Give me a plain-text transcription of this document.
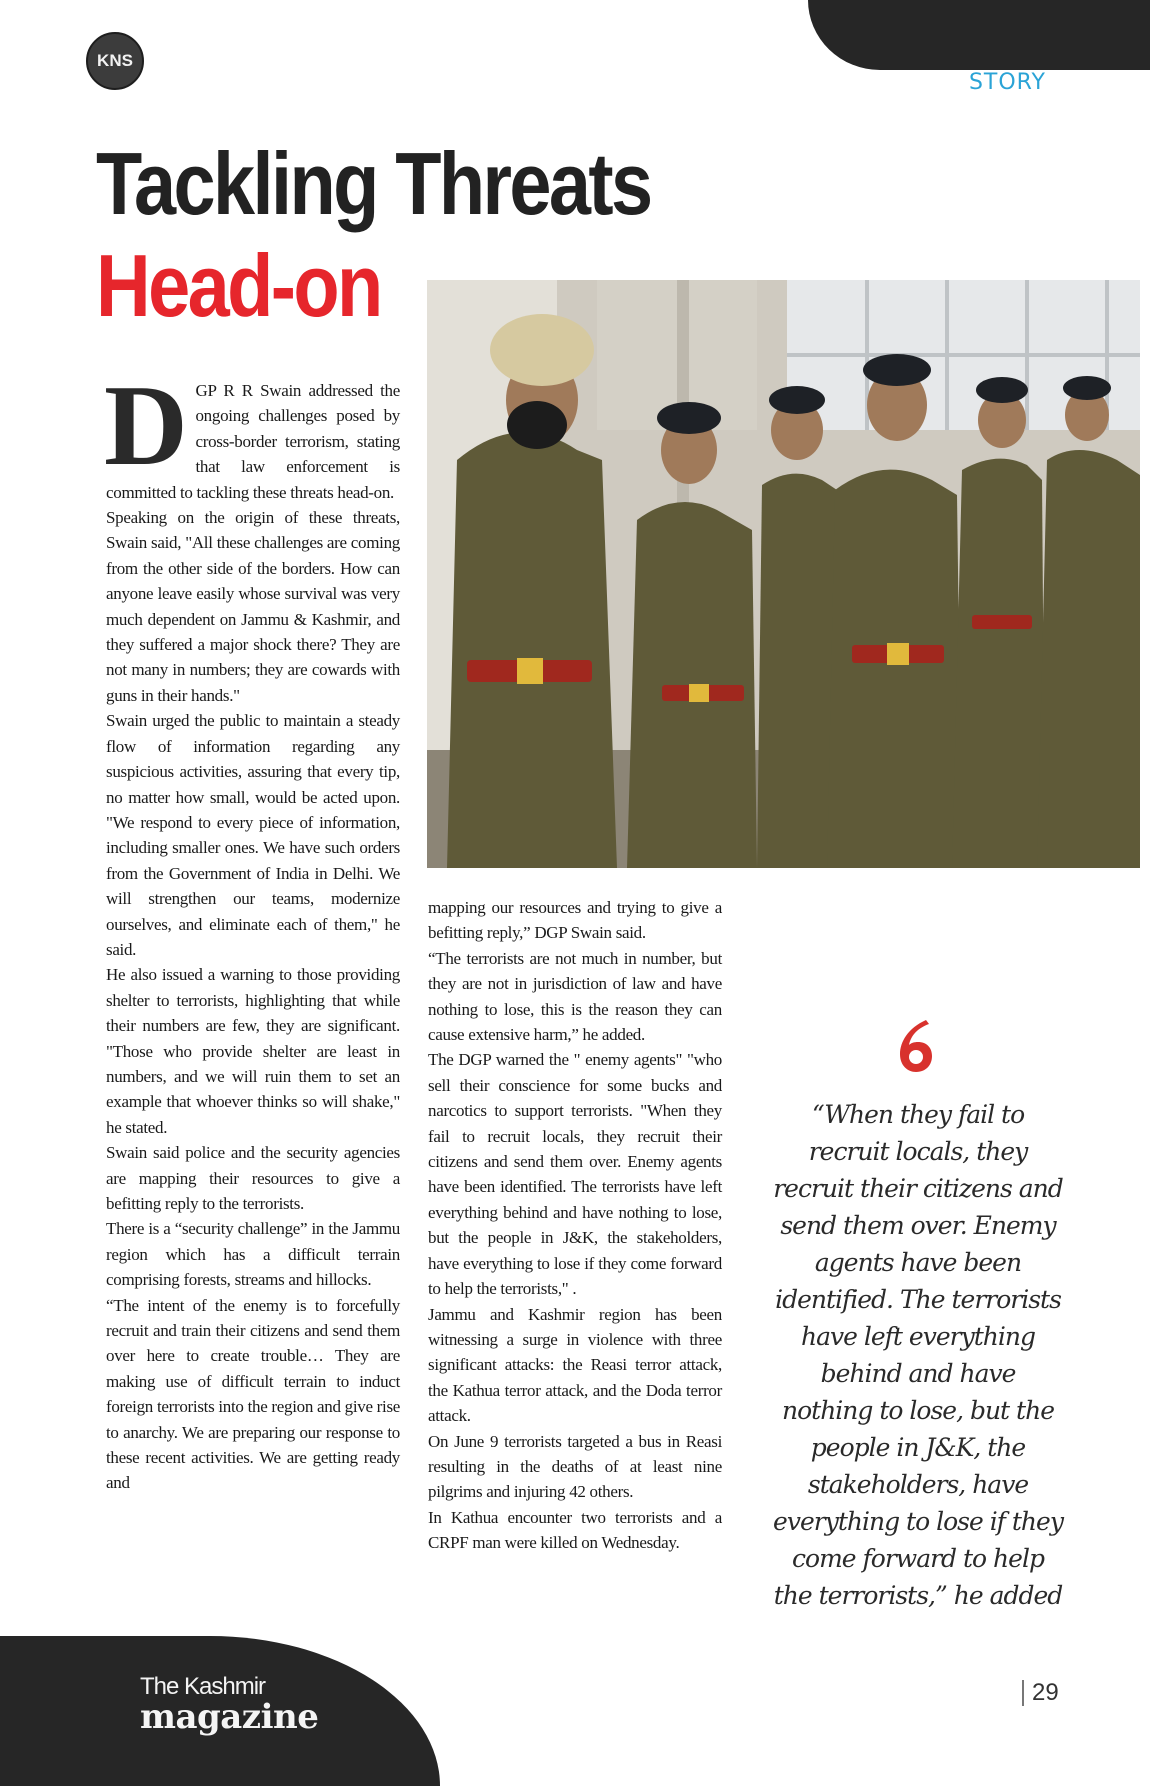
STORY
KNS
Tackling Threats
Head-on

DGP R R Swain addressed the ongoing challenges posed by cross-border terrorism, stating that law enforcement is committed to tackling these threats head-on.

Speaking on the origin of these threats, Swain said, "All these challenges are coming from the other side of the borders. How can anyone leave easily whose survival was very much dependent on Jammu & Kashmir, and they suffered a major shock there? They are not many in numbers; they are cowards with guns in their hands."

Swain urged the public to maintain a steady flow of information regarding any suspicious activities, assuring that every tip, no matter how small, would be acted upon. "We respond to every piece of information, including smaller ones. We have such orders from the Government of India in Delhi. We will strengthen our teams, modernize ourselves, and eliminate each of them," he said.

He also issued a warning to those providing shelter to terrorists, highlighting that while their numbers are few, they are significant. "Those who provide shelter are least in numbers, and we will ruin them to set an example that whoever thinks so will shake," he stated.

Swain said police and the security agencies are mapping their resources to give a befitting reply to the terrorists.

There is a “security challenge” in the Jammu region which has a difficult terrain comprising forests, streams and hillocks.

“The intent of the enemy is to forcefully recruit and train their citizens and send them over here to create trouble… They are making use of difficult terrain to induct foreign terrorists into the region and give rise to anarchy. We are preparing our response to these recent activities. We are getting ready and

mapping our resources and trying to give a befitting reply,” DGP Swain said.

“The terrorists are not much in number, but they are not in jurisdiction of law and have nothing to lose, this is the reason they can cause extensive harm,” he added.

The DGP warned the " enemy agents" "who sell their conscience for some bucks and narcotics to support terrorists. "When they fail to recruit locals, they recruit their citizens and send them over. Enemy agents have been identified. The terrorists have left everything behind and have nothing to lose, but the people in J&K, the stakeholders, have everything to lose if they come forward to help the terrorists," .

Jammu and Kashmir region has been witnessing a surge in violence with three significant attacks: the Reasi terror attack, the Kathua terror attack, and the Doda terror attack.

On June 9 terrorists targeted a bus in Reasi resulting in the deaths of at least nine pilgrims and injuring 42 others.

In Kathua encounter two terrorists and a CRPF man were killed on Wednesday.

“When they fail to recruit locals, they recruit their citizens and send them over. Enemy agents have been identified. The terrorists have left everything behind and have nothing to lose, but the people in J&K, the stakeholders, have everything to lose if they come forward to help the terrorists,” he added
The Kashmir
magazine
29
